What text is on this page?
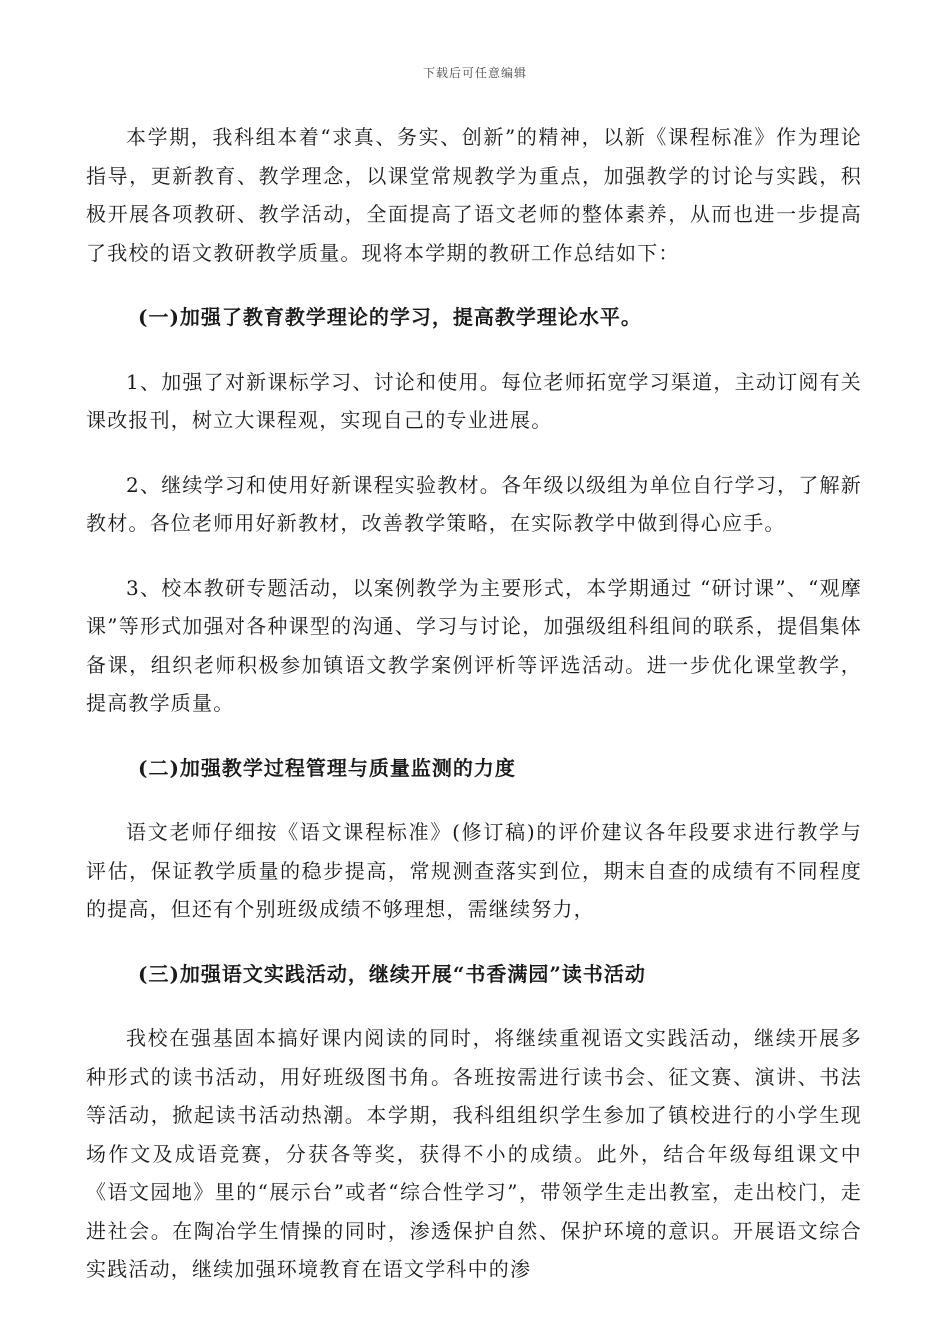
下载后可任意编辑

本学期，我科组本着“求真、务实、创新”的精神，以新《课程标准》作为理论指导，更新教育、教学理念，以课堂常规教学为重点，加强教学的讨论与实践，积极开展各项教研、教学活动，全面提高了语文老师的整体素养，从而也进一步提高了我校的语文教研教学质量。现将本学期的教研工作总结如下：

(一)加强了教育教学理论的学习，提高教学理论水平。

1、加强了对新课标学习、讨论和使用。每位老师拓宽学习渠道，主动订阅有关课改报刊，树立大课程观，实现自己的专业进展。

2、继续学习和使用好新课程实验教材。各年级以级组为单位自行学习，了解新教材。各位老师用好新教材，改善教学策略，在实际教学中做到得心应手。

3、校本教研专题活动，以案例教学为主要形式，本学期通过 “研讨课”、“观摩课”等形式加强对各种课型的沟通、学习与讨论，加强级组科组间的联系，提倡集体备课，组织老师积极参加镇语文教学案例评析等评选活动。进一步优化课堂教学，提高教学质量。

(二)加强教学过程管理与质量监测的力度

语文老师仔细按《语文课程标准》(修订稿)的评价建议各年段要求进行教学与评估，保证教学质量的稳步提高，常规测查落实到位，期末自查的成绩有不同程度的提高，但还有个别班级成绩不够理想，需继续努力，

(三)加强语文实践活动，继续开展“书香满园”读书活动

我校在强基固本搞好课内阅读的同时，将继续重视语文实践活动，继续开展多种形式的读书活动，用好班级图书角。各班按需进行读书会、征文赛、演讲、书法等活动，掀起读书活动热潮。本学期，我科组组织学生参加了镇校进行的小学生现场作文及成语竞赛，分获各等奖，获得不小的成绩。此外，结合年级每组课文中《语文园地》里的“展示台”或者“综合性学习”，带领学生走出教室，走出校门，走进社会。在陶冶学生情操的同时，渗透保护自然、保护环境的意识。开展语文综合实践活动，继续加强环境教育在语文学科中的渗
